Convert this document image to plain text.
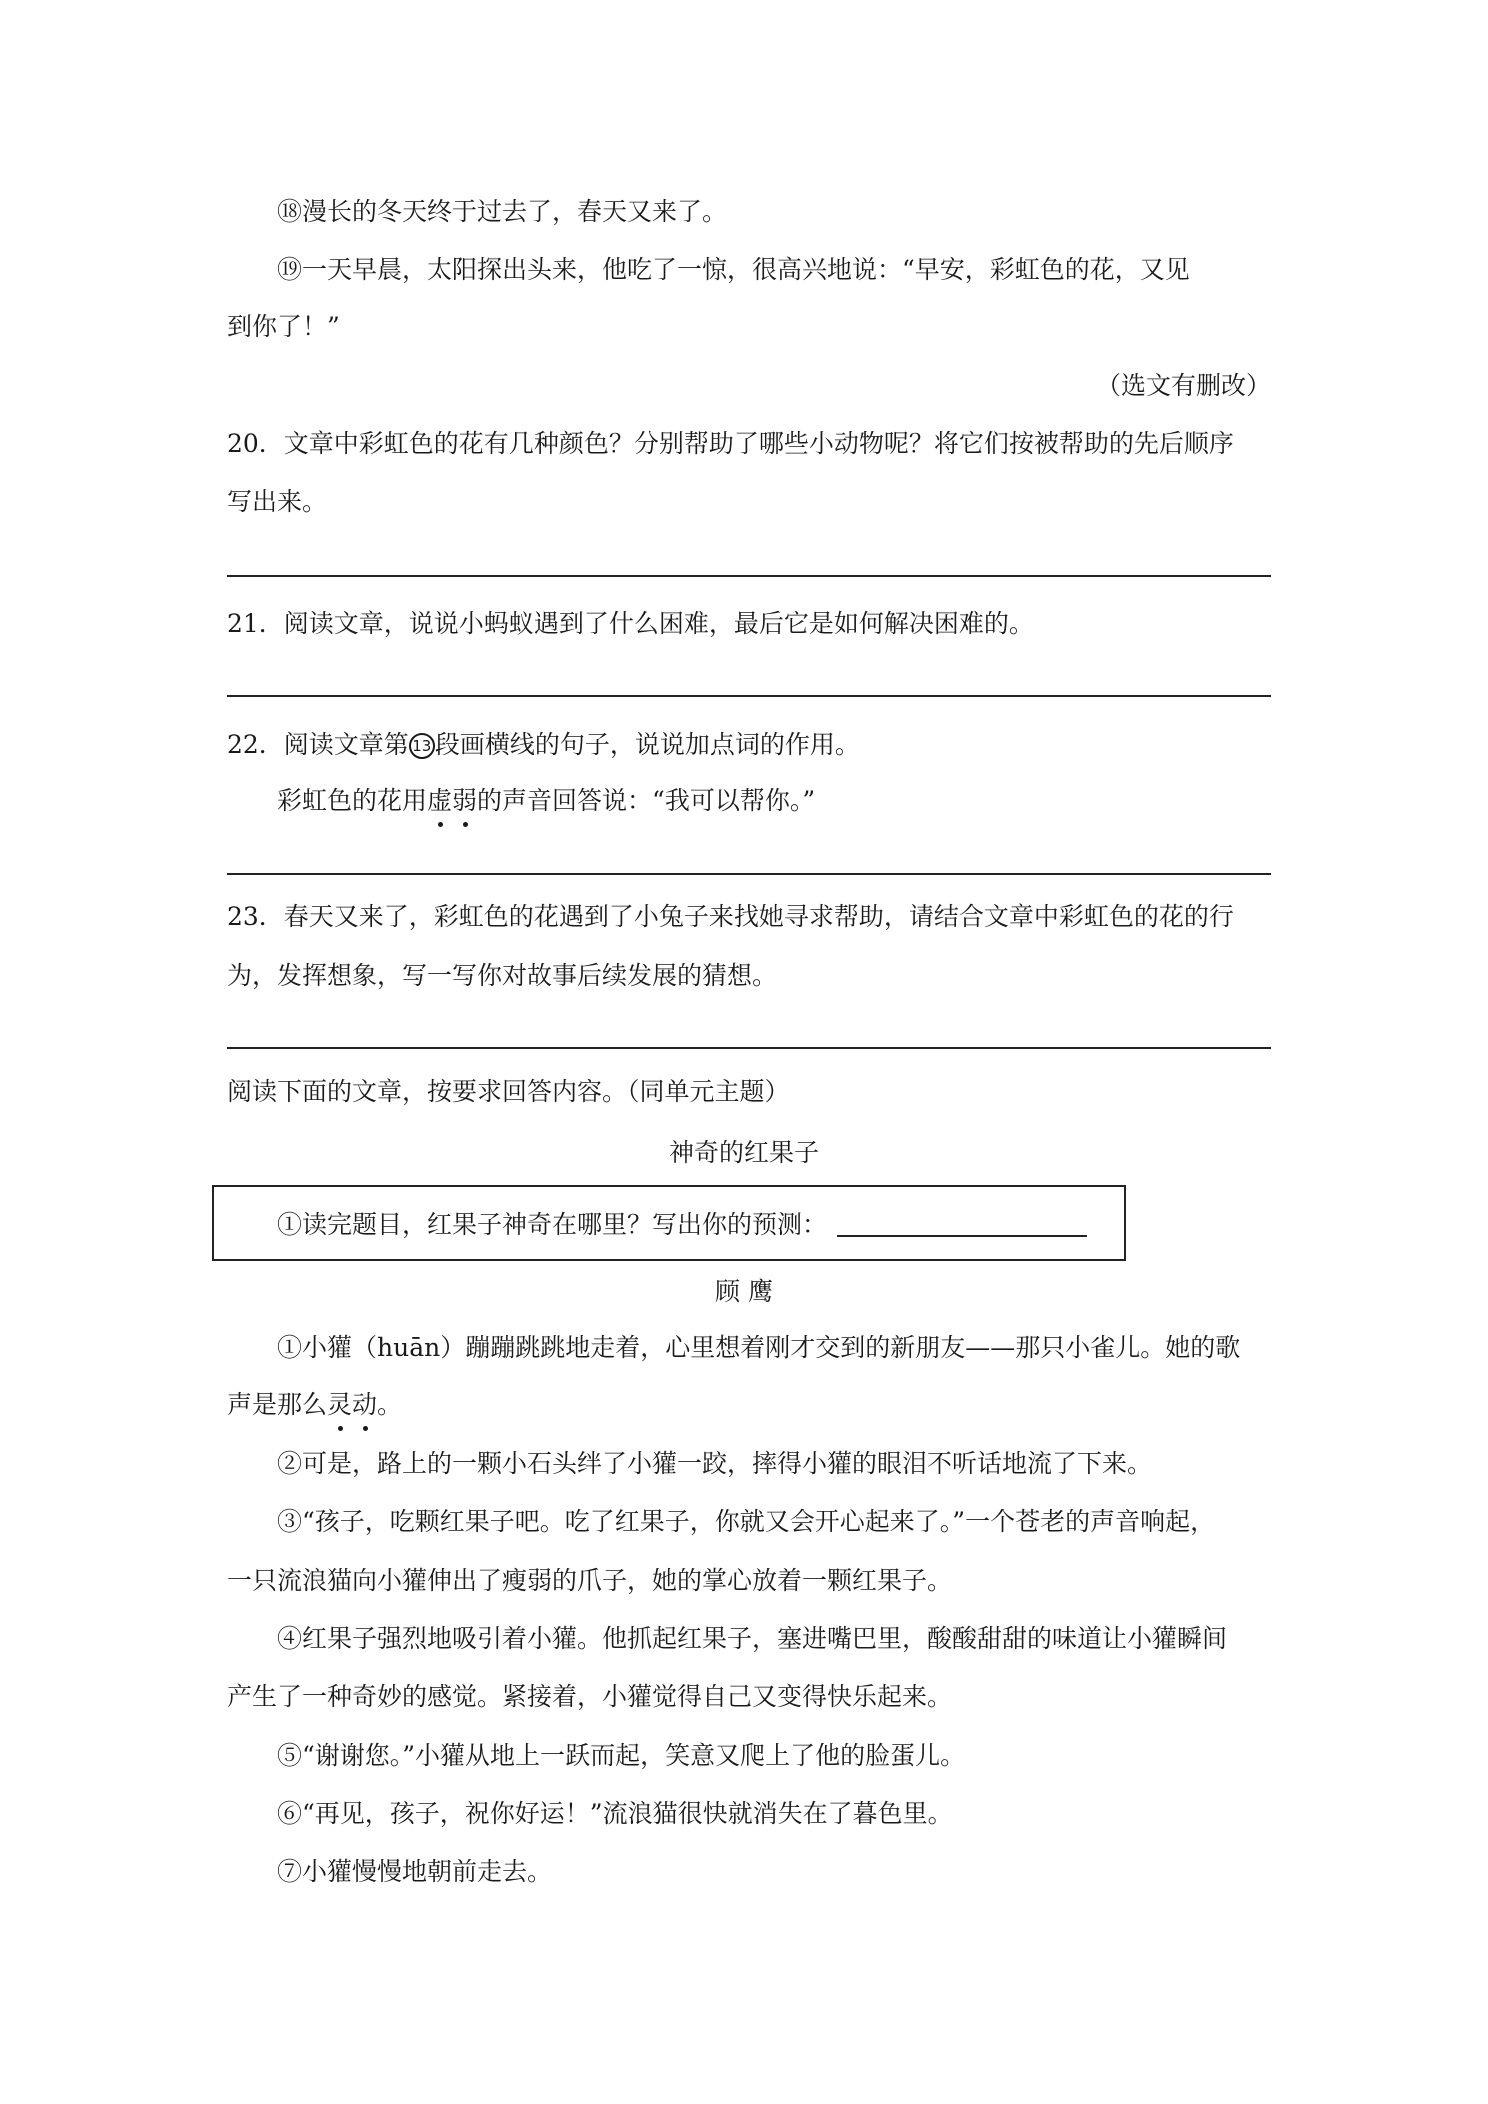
⑱漫长的冬天终于过去了，春天又来了。
⑲一天早晨，太阳探出头来，他吃了一惊，很高兴地说：“早安，彩虹色的花，又见
到你了！”
（选文有删改）
20．文章中彩虹色的花有几种颜色？分别帮助了哪些小动物呢？将它们按被帮助的先后顺序
写出来。
21．阅读文章，说说小蚂蚁遇到了什么困难，最后它是如何解决困难的。
22．阅读文章第 13 段画横线的句子，说说加点词的作用。
彩虹色的花用虚弱的声音回答说：“我可以帮你。”
23．春天又来了，彩虹色的花遇到了小兔子来找她寻求帮助，请结合文章中彩虹色的花的行
为，发挥想象，写一写你对故事后续发展的猜想。
阅读下面的文章，按要求回答内容。（同单元主题）
神奇的红果子
①读完题目，红果子神奇在哪里？写出你的预测：
顾 鹰
①小獾（huān）蹦蹦跳跳地走着，心里想着刚才交到的新朋友——那只小雀儿。她的歌
声是那么灵动。
②可是，路上的一颗小石头绊了小獾一跤，摔得小獾的眼泪不听话地流了下来。
③“孩子，吃颗红果子吧。吃了红果子，你就又会开心起来了。”一个苍老的声音响起，
一只流浪猫向小獾伸出了瘦弱的爪子，她的掌心放着一颗红果子。
④红果子强烈地吸引着小獾。他抓起红果子，塞进嘴巴里，酸酸甜甜的味道让小獾瞬间
产生了一种奇妙的感觉。紧接着，小獾觉得自己又变得快乐起来。
⑤“谢谢您。”小獾从地上一跃而起，笑意又爬上了他的脸蛋儿。
⑥“再见，孩子，祝你好运！”流浪猫很快就消失在了暮色里。
⑦小獾慢慢地朝前走去。
